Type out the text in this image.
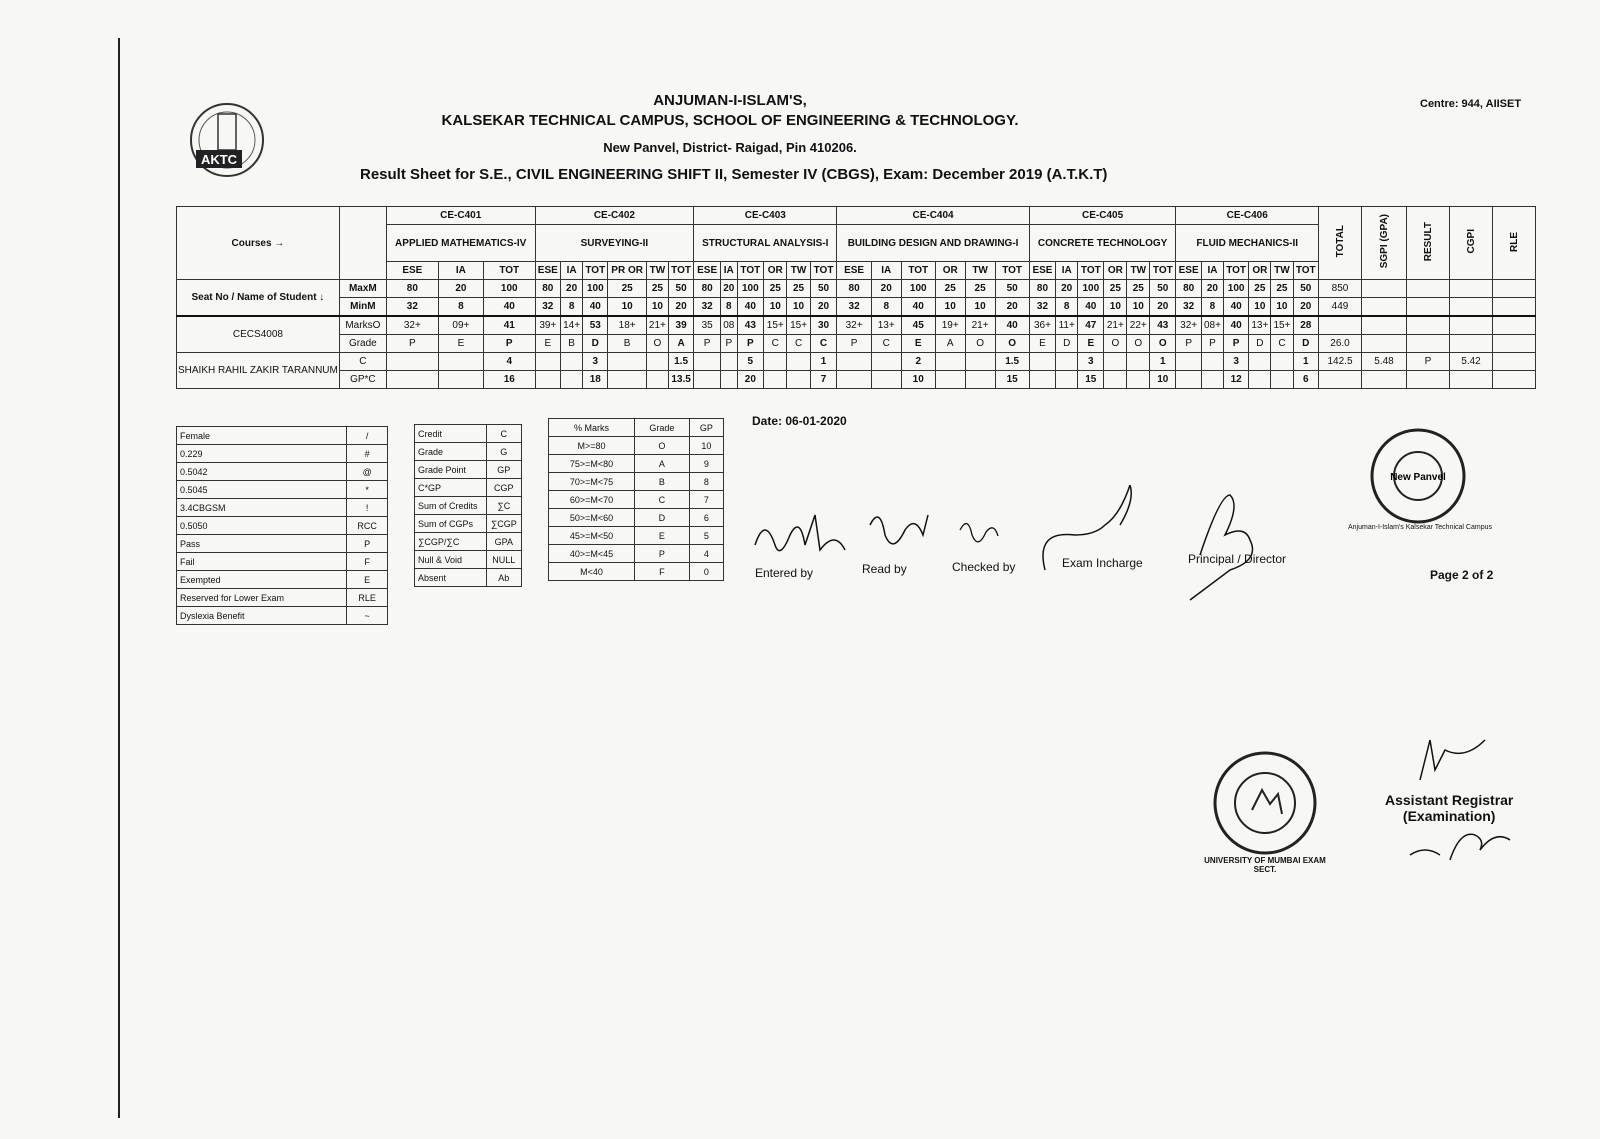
AKTC
ANJUMAN-I-ISLAM'S,
KALSEKAR TECHNICAL CAMPUS, SCHOOL OF ENGINEERING & TECHNOLOGY.
New Panvel, District- Raigad, Pin 410206.
Centre: 944, AIISET
Result Sheet for S.E., CIVIL ENGINEERING SHIFT II, Semester IV (CBGS), Exam: December 2019 (A.T.K.T)
Courses →		CE-C401			CE-C402						CE-C403						CE-C404						CE-C405						CE-C406						TOTAL	SGPI (GPA)	RESULT	CGPI	RLE
		APPLIED MATHEMATICS-IV			SURVEYING-II						STRUCTURAL ANALYSIS-I						BUILDING DESIGN AND DRAWING-I						CONCRETE TECHNOLOGY						FLUID MECHANICS-II										
		ESE	IA	TOT	ESE	IA	TOT	PR OR	TW	TOT	ESE	IA	TOT	OR	TW	TOT	ESE	IA	TOT	OR	TW	TOT	ESE	IA	TOT	OR	TW	TOT	ESE	IA	TOT	OR	TW	TOT					
Seat No / Name of Student ↓	MaxM	80	20	100	80	20	100	25	25	50	80	20	100	25	25	50	80	20	100	25	25	50	80	20	100	25	25	50	80	20	100	25	25	50	850				
	MinM	32	8	40	32	8	40	10	10	20	32	8	40	10	10	20	32	8	40	10	10	20	32	8	40	10	10	20	32	8	40	10	10	20	449				
CECS4008	MarksO	32+	09+	41	39+	14+	53	18+	21+	39	35	08	43	15+	15+	30	32+	13+	45	19+	21+	40	36+	11+	47	21+	22+	43	32+	08+	40	13+	15+	28					
	Grade	P	E	P	E	B	D	B	O	A	P	P	P	C	C	C	P	C	E	A	O	O	E	D	E	O	O	O	P	P	P	D	C	D	26.0				
SHAIKH RAHIL ZAKIR TARANNUM	C			4			3			1.5			5			1			2			1.5			3			1			3			1	142.5	5.48	P	5.42	
	GP*C			16			18			13.5			20			7			10			15			15			10			12			6					
Female	/
0.229	#
0.5042	@
0.5045	*
3.4CBGSM	!
0.5050	RCC
Pass	P
Fail	F
Exempted	E
Reserved for Lower Exam	RLE
Dyslexia Benefit	~
Credit	C
Grade	G
Grade Point	GP
C*GP	CGP
Sum of Credits	∑C
Sum of CGPs	∑CGP
∑CGP/∑C	GPA
Null & Void	NULL
Absent	Ab
% Marks	Grade	GP
M>=80	O	10
75>=M<80	A	9
70>=M<75	B	8
60>=M<70	C	7
50>=M<60	D	6
45>=M<50	E	5
40>=M<45	P	4
M<40	F	0
Date: 06-01-2020
Entered by	Read by	Checked by	Exam Incharge	Principal / Director
New Panvel
Anjuman-I-Islam's Kalsekar Technical Campus
Page 2 of 2
UNIVERSITY OF MUMBAI EXAM SECT.
Assistant Registrar
(Examination)
